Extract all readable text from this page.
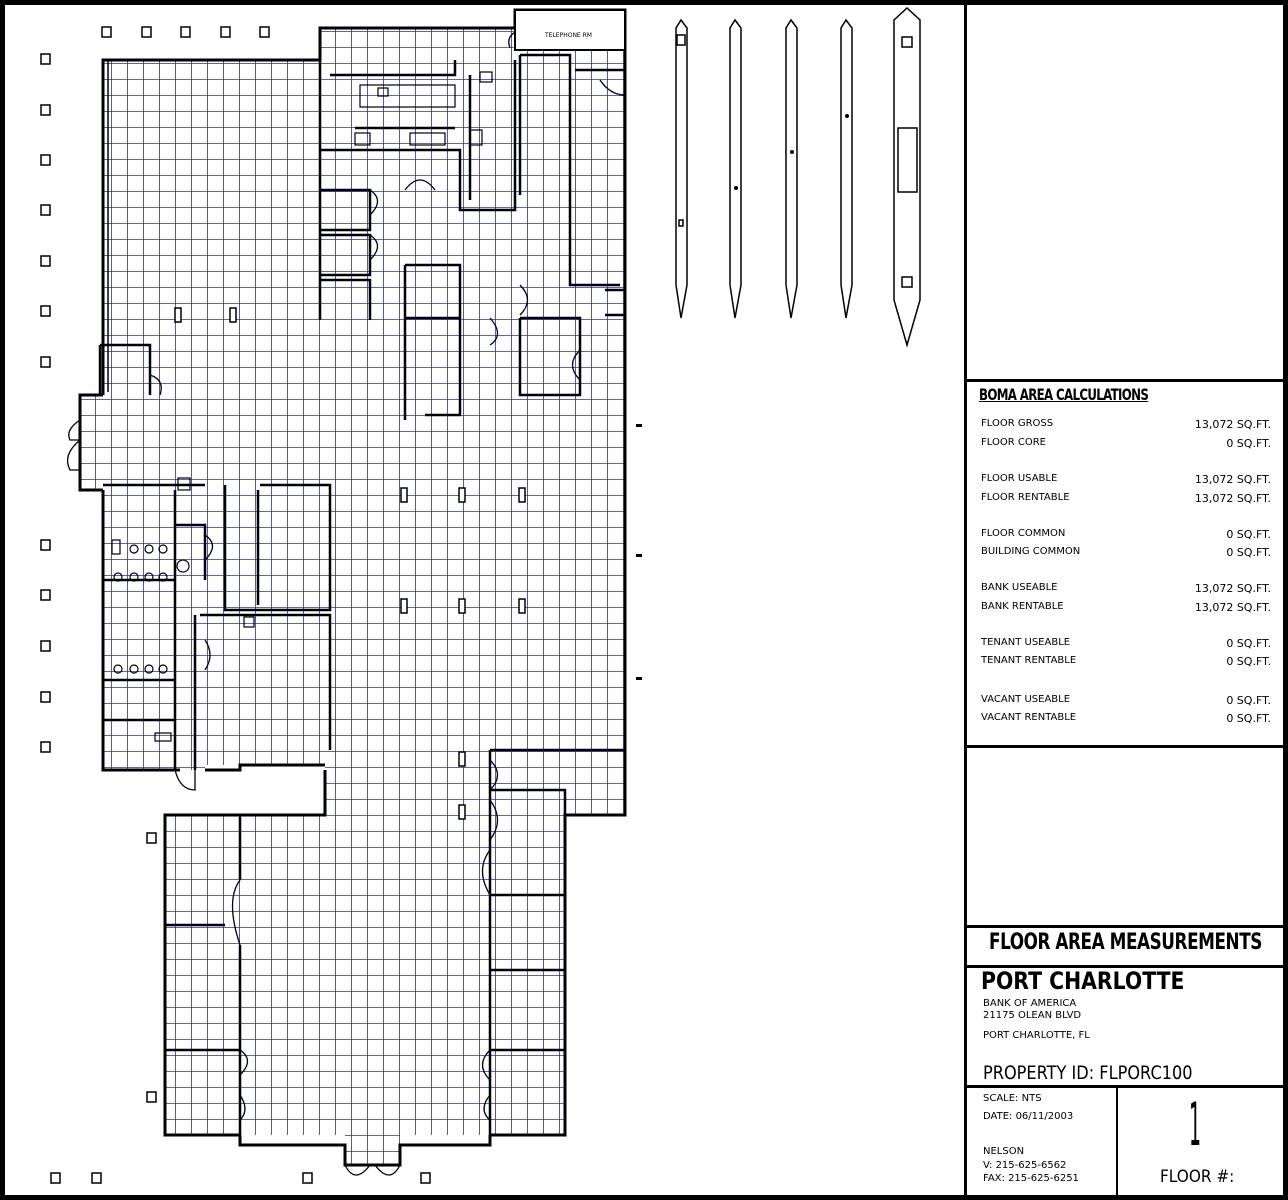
TELEPHONE RM
BOMA AREA CALCULATIONS
FLOOR GROSS	13,072 SQ.FT.
FLOOR CORE	0 SQ.FT.
FLOOR USABLE	13,072 SQ.FT.
FLOOR RENTABLE	13,072 SQ.FT.
FLOOR COMMON	0 SQ.FT.
BUILDING COMMON	0 SQ.FT.
BANK USEABLE	13,072 SQ.FT.
BANK RENTABLE	13,072 SQ.FT.
TENANT USEABLE	0 SQ.FT.
TENANT RENTABLE	0 SQ.FT.
VACANT USEABLE	0 SQ.FT.
VACANT RENTABLE	0 SQ.FT.
FLOOR AREA MEASUREMENTS
PORT CHARLOTTE
BANK OF AMERICA
21175 OLEAN BLVD
PORT CHARLOTTE, FL
PROPERTY ID: FLPORC100
SCALE: NTS
DATE: 06/11/2003
NELSON
V: 215-625-6562
FAX: 215-625-6251
1
FLOOR #:
